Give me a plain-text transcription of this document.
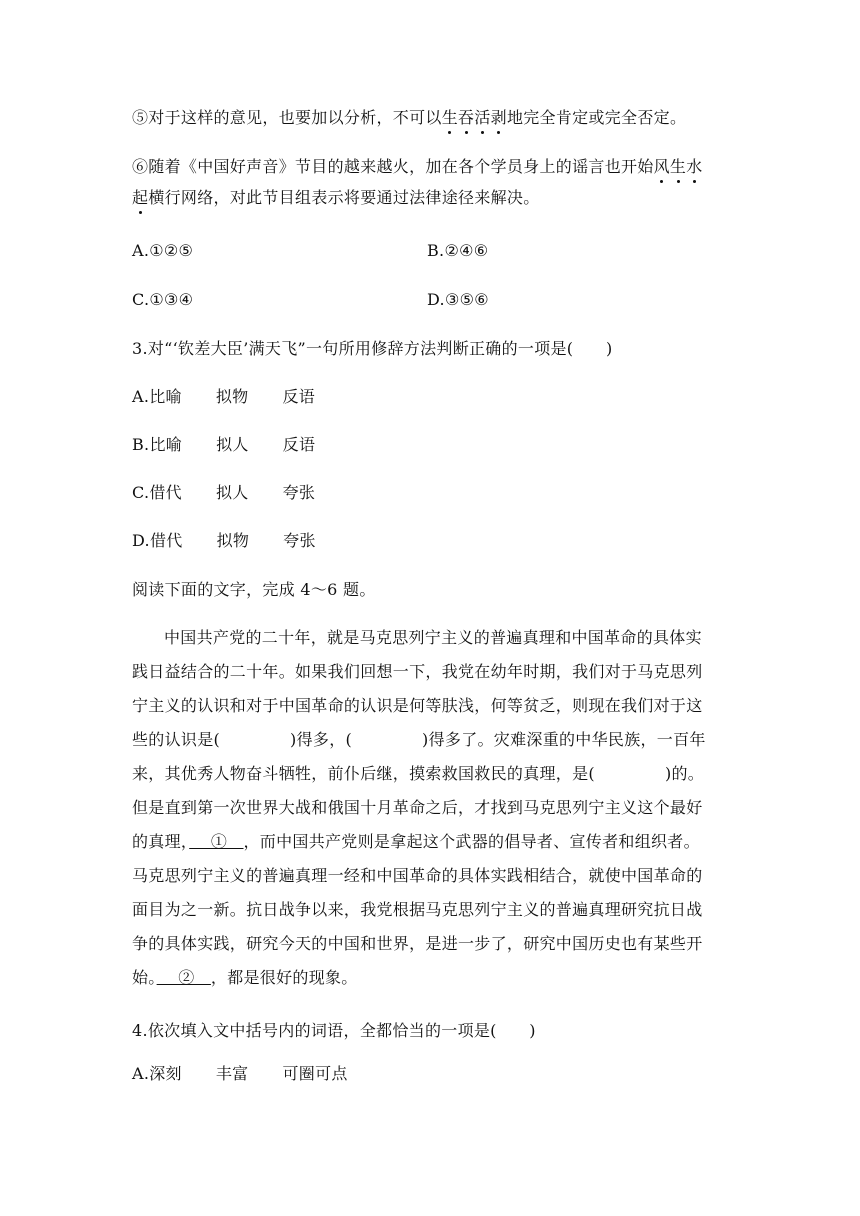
⑤对于这样的意见，也要加以分析，不可以生吞活剥地完全肯定或完全否定。
⑥随着《中国好声音》节目的越来越火，加在各个学员身上的谣言也开始风生水
起横行网络，对此节目组表示将要通过法律途径来解决。
A.①②⑤	B.②④⑥
C.①③④	D.③⑤⑥
3.对“‘钦差大臣’满天飞”一句所用修辞方法判断正确的一项是(　　)
A.比喻 拟物 反语
B.比喻 拟人 反语
C.借代 拟人 夸张
D.借代 拟物 夸张
阅读下面的文字，完成 4～6 题。
中国共产党的二十年，就是马克思列宁主义的普遍真理和中国革命的具体实
践日益结合的二十年。如果我们回想一下，我党在幼年时期，我们对于马克思列
宁主义的认识和对于中国革命的认识是何等肤浅，何等贫乏，则现在我们对于这
些的认识是(	)得多，(	)得多了。灾难深重的中华民族，一百年
来，其优秀人物奋斗牺牲，前仆后继，摸索救国救民的真理，是(	)的。
但是直到第一次世界大战和俄国十月革命之后，才找到马克思列宁主义这个最好
的真理，　 ①　，而中国共产党则是拿起这个武器的倡导者、宣传者和组织者。
马克思列宁主义的普遍真理一经和中国革命的具体实践相结合，就使中国革命的
面目为之一新。抗日战争以来，我党根据马克思列宁主义的普遍真理研究抗日战
争的具体实践，研究今天的中国和世界，是进一步了，研究中国历史也有某些开
始。　 ②　，都是很好的现象。
4.依次填入文中括号内的词语，全都恰当的一项是(　　)
A.深刻 丰富 可圈可点
